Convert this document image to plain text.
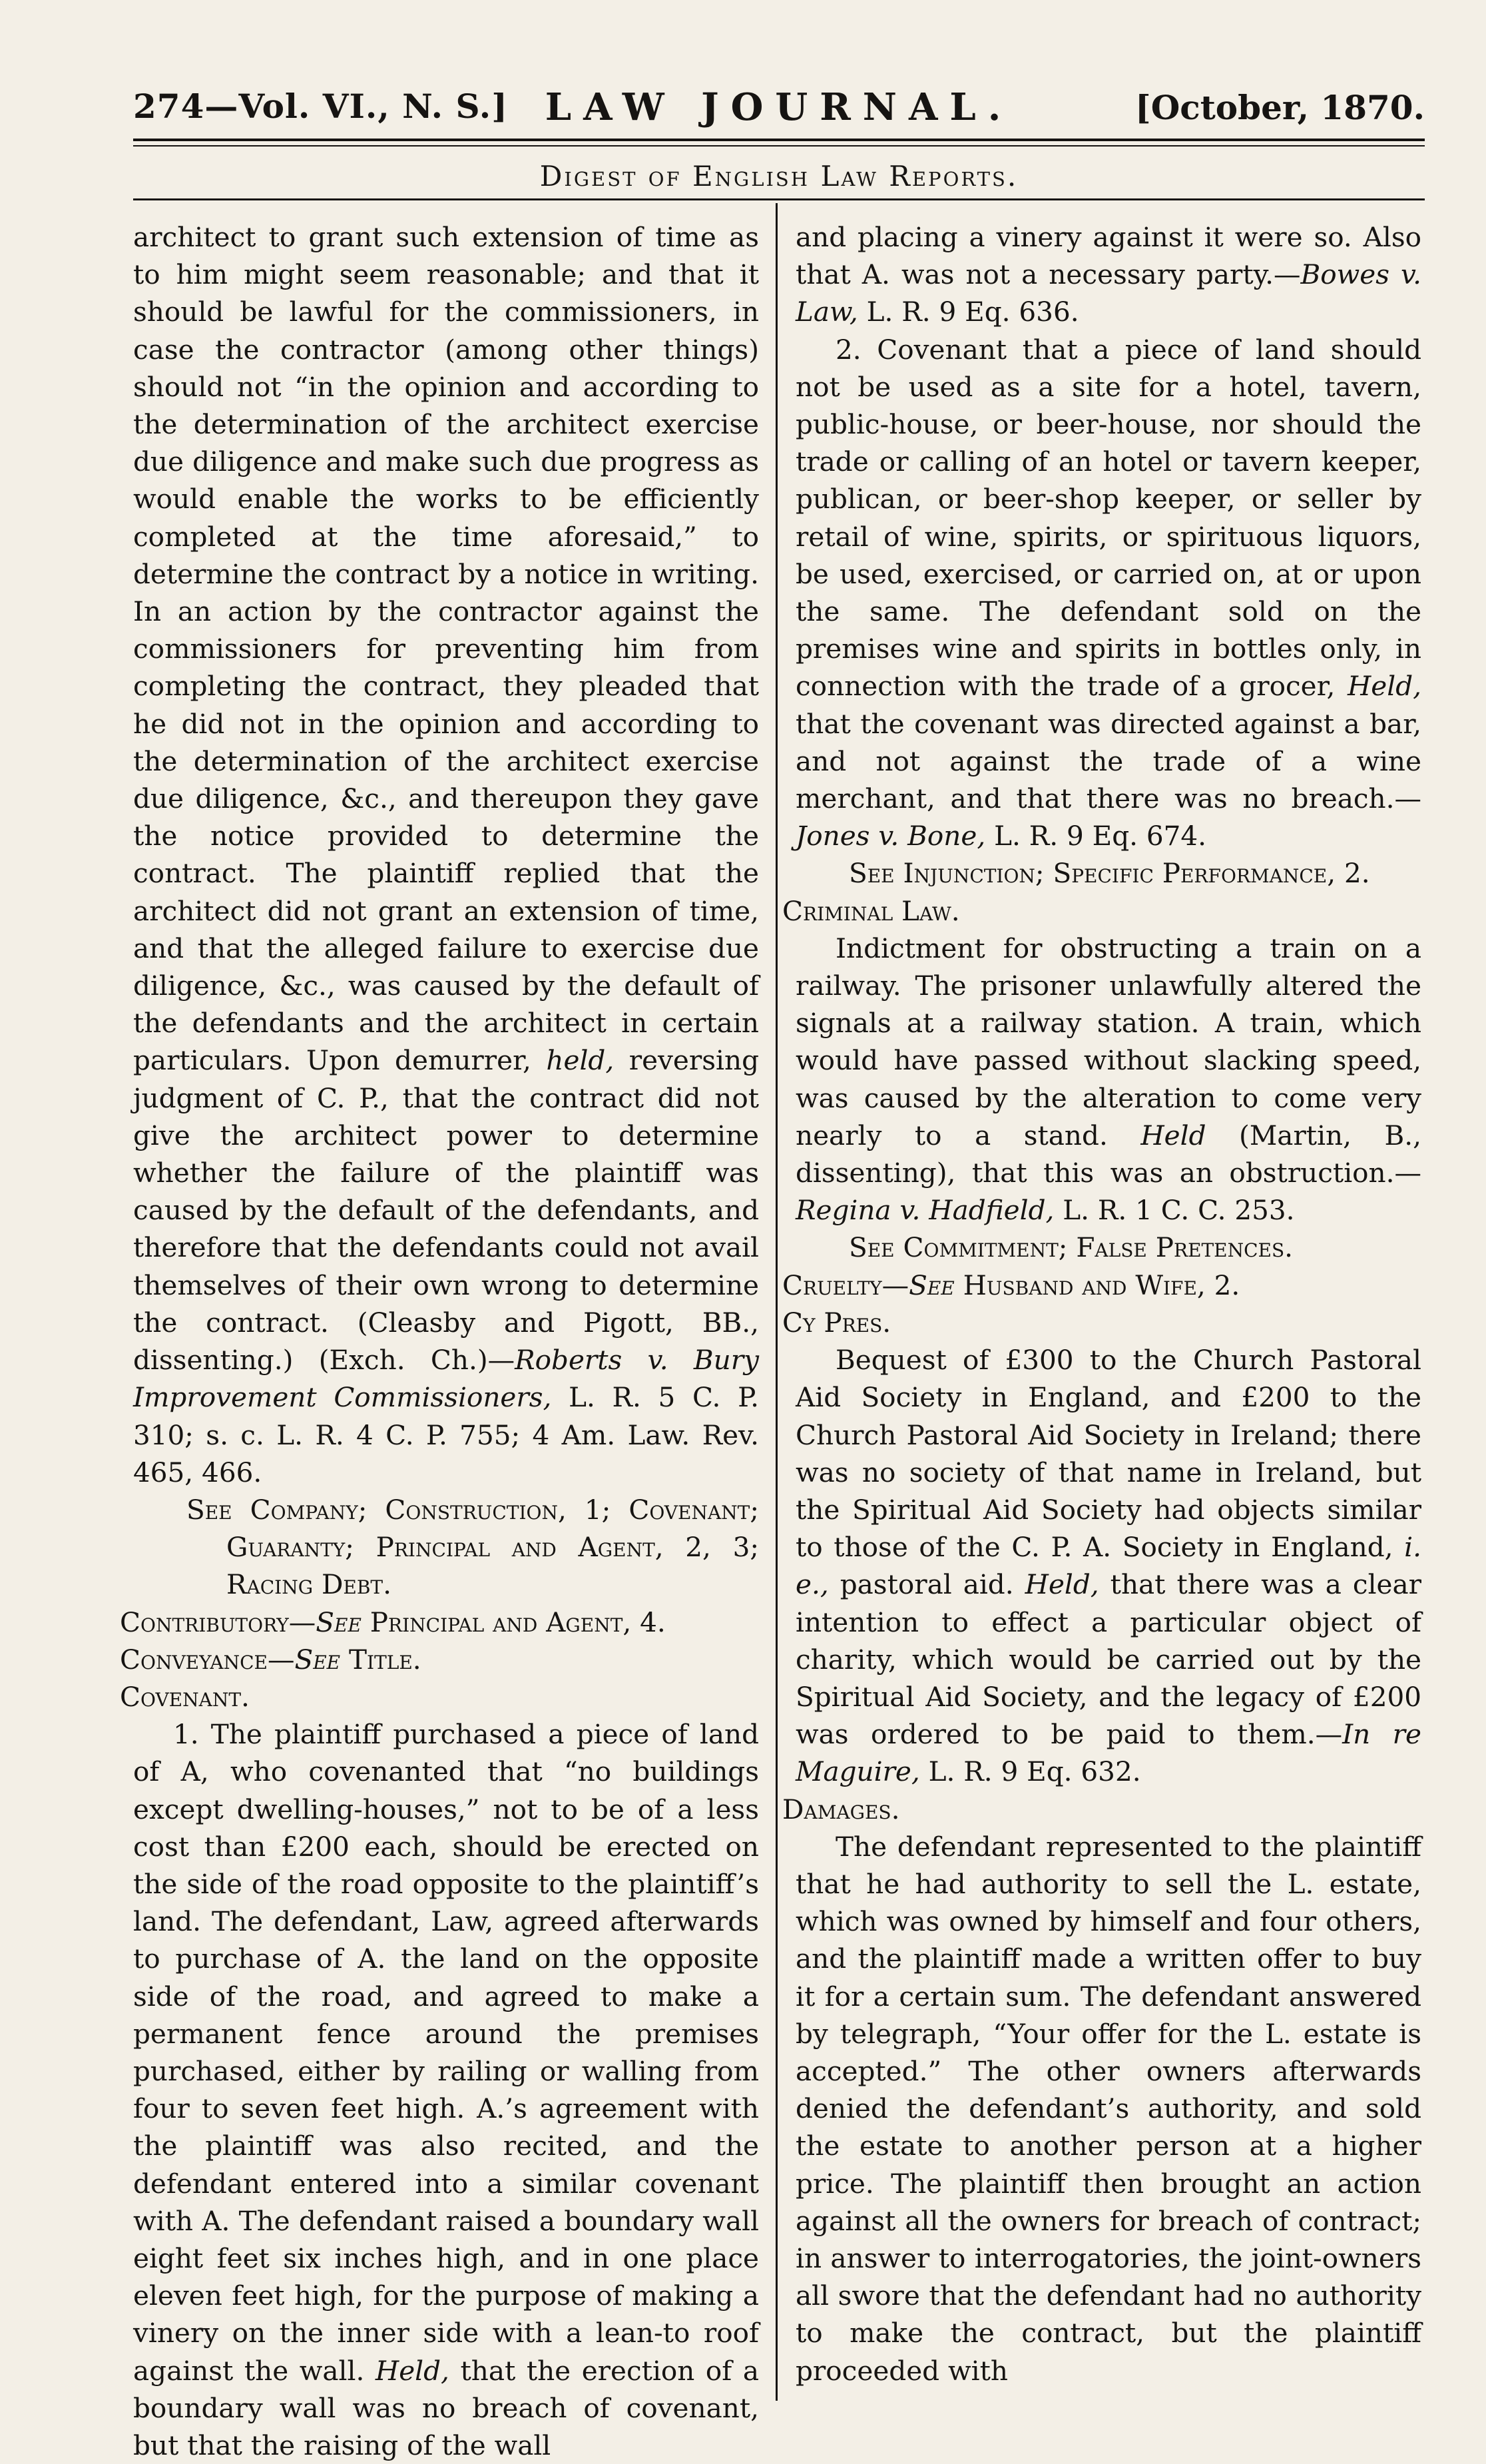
274—Vol. VI., N. S.] LAW JOURNAL.	[October, 1870.
Digest of English Law Reports.

architect to grant such extension of time as to him might seem reasonable; and that it should be lawful for the commissioners, in case the contractor (among other things) should not “in the opinion and according to the determination of the architect exercise due diligence and make such due progress as would enable the works to be efficiently completed at the time aforesaid,” to determine the contract by a notice in writing. In an action by the contractor against the commissioners for preventing him from completing the contract, they pleaded that he did not in the opinion and according to the determination of the architect exercise due diligence, &c., and thereupon they gave the notice provided to determine the contract. The plaintiff replied that the architect did not grant an extension of time, and that the alleged failure to exercise due diligence, &c., was caused by the default of the defendants and the architect in certain particulars. Upon demurrer, held, reversing judgment of C. P., that the contract did not give the architect power to determine whether the failure of the plaintiff was caused by the default of the defendants, and therefore that the defendants could not avail themselves of their own wrong to determine the contract. (Cleasby and Pigott, BB., dissenting.) (Exch. Ch.)—Roberts v. Bury Improvement Commissioners, L. R. 5 C. P. 310; s. c. L. R. 4 C. P. 755; 4 Am. Law. Rev. 465, 466.

See Company; Construction, 1; Covenant; Guaranty; Principal and Agent, 2, 3; Racing Debt.

Contributory—See Principal and Agent, 4.

Conveyance—See Title.

Covenant.

1. The plaintiff purchased a piece of land of A, who covenanted that “no buildings except dwelling-houses,” not to be of a less cost than £200 each, should be erected on the side of the road opposite to the plaintiff’s land. The defendant, Law, agreed afterwards to purchase of A. the land on the opposite side of the road, and agreed to make a permanent fence around the premises purchased, either by railing or walling from four to seven feet high. A.’s agreement with the plaintiff was also recited, and the defendant entered into a similar covenant with A. The defendant raised a boundary wall eight feet six inches high, and in one place eleven feet high, for the purpose of making a vinery on the inner side with a lean-to roof against the wall. Held, that the erection of a boundary wall was no breach of covenant, but that the raising of the wall

and placing a vinery against it were so. Also that A. was not a necessary party.—Bowes v. Law, L. R. 9 Eq. 636.

2. Covenant that a piece of land should not be used as a site for a hotel, tavern, public-house, or beer-house, nor should the trade or calling of an hotel or tavern keeper, publican, or beer-shop keeper, or seller by retail of wine, spirits, or spirituous liquors, be used, exercised, or carried on, at or upon the same. The defendant sold on the premises wine and spirits in bottles only, in connection with the trade of a grocer, Held, that the covenant was directed against a bar, and not against the trade of a wine merchant, and that there was no breach.—Jones v. Bone, L. R. 9 Eq. 674.

See Injunction; Specific Performance, 2.

Criminal Law.

Indictment for obstructing a train on a railway. The prisoner unlawfully altered the signals at a railway station. A train, which would have passed without slacking speed, was caused by the alteration to come very nearly to a stand. Held (Martin, B., dissenting), that this was an obstruction.—Regina v. Hadfield, L. R. 1 C. C. 253.

See Commitment; False Pretences.

Cruelty—See Husband and Wife, 2.

Cy Pres.

Bequest of £300 to the Church Pastoral Aid Society in England, and £200 to the Church Pastoral Aid Society in Ireland; there was no society of that name in Ireland, but the Spiritual Aid Society had objects similar to those of the C. P. A. Society in England, i. e., pastoral aid. Held, that there was a clear intention to effect a particular object of charity, which would be carried out by the Spiritual Aid Society, and the legacy of £200 was ordered to be paid to them.—In re Maguire, L. R. 9 Eq. 632.

Damages.

The defendant represented to the plaintiff that he had authority to sell the L. estate, which was owned by himself and four others, and the plaintiff made a written offer to buy it for a certain sum. The defendant answered by telegraph, “Your offer for the L. estate is accepted.” The other owners afterwards denied the defendant’s authority, and sold the estate to another person at a higher price. The plaintiff then brought an action against all the owners for breach of contract; in answer to interrogatories, the joint-owners all swore that the defendant had no authority to make the contract, but the plaintiff proceeded with
